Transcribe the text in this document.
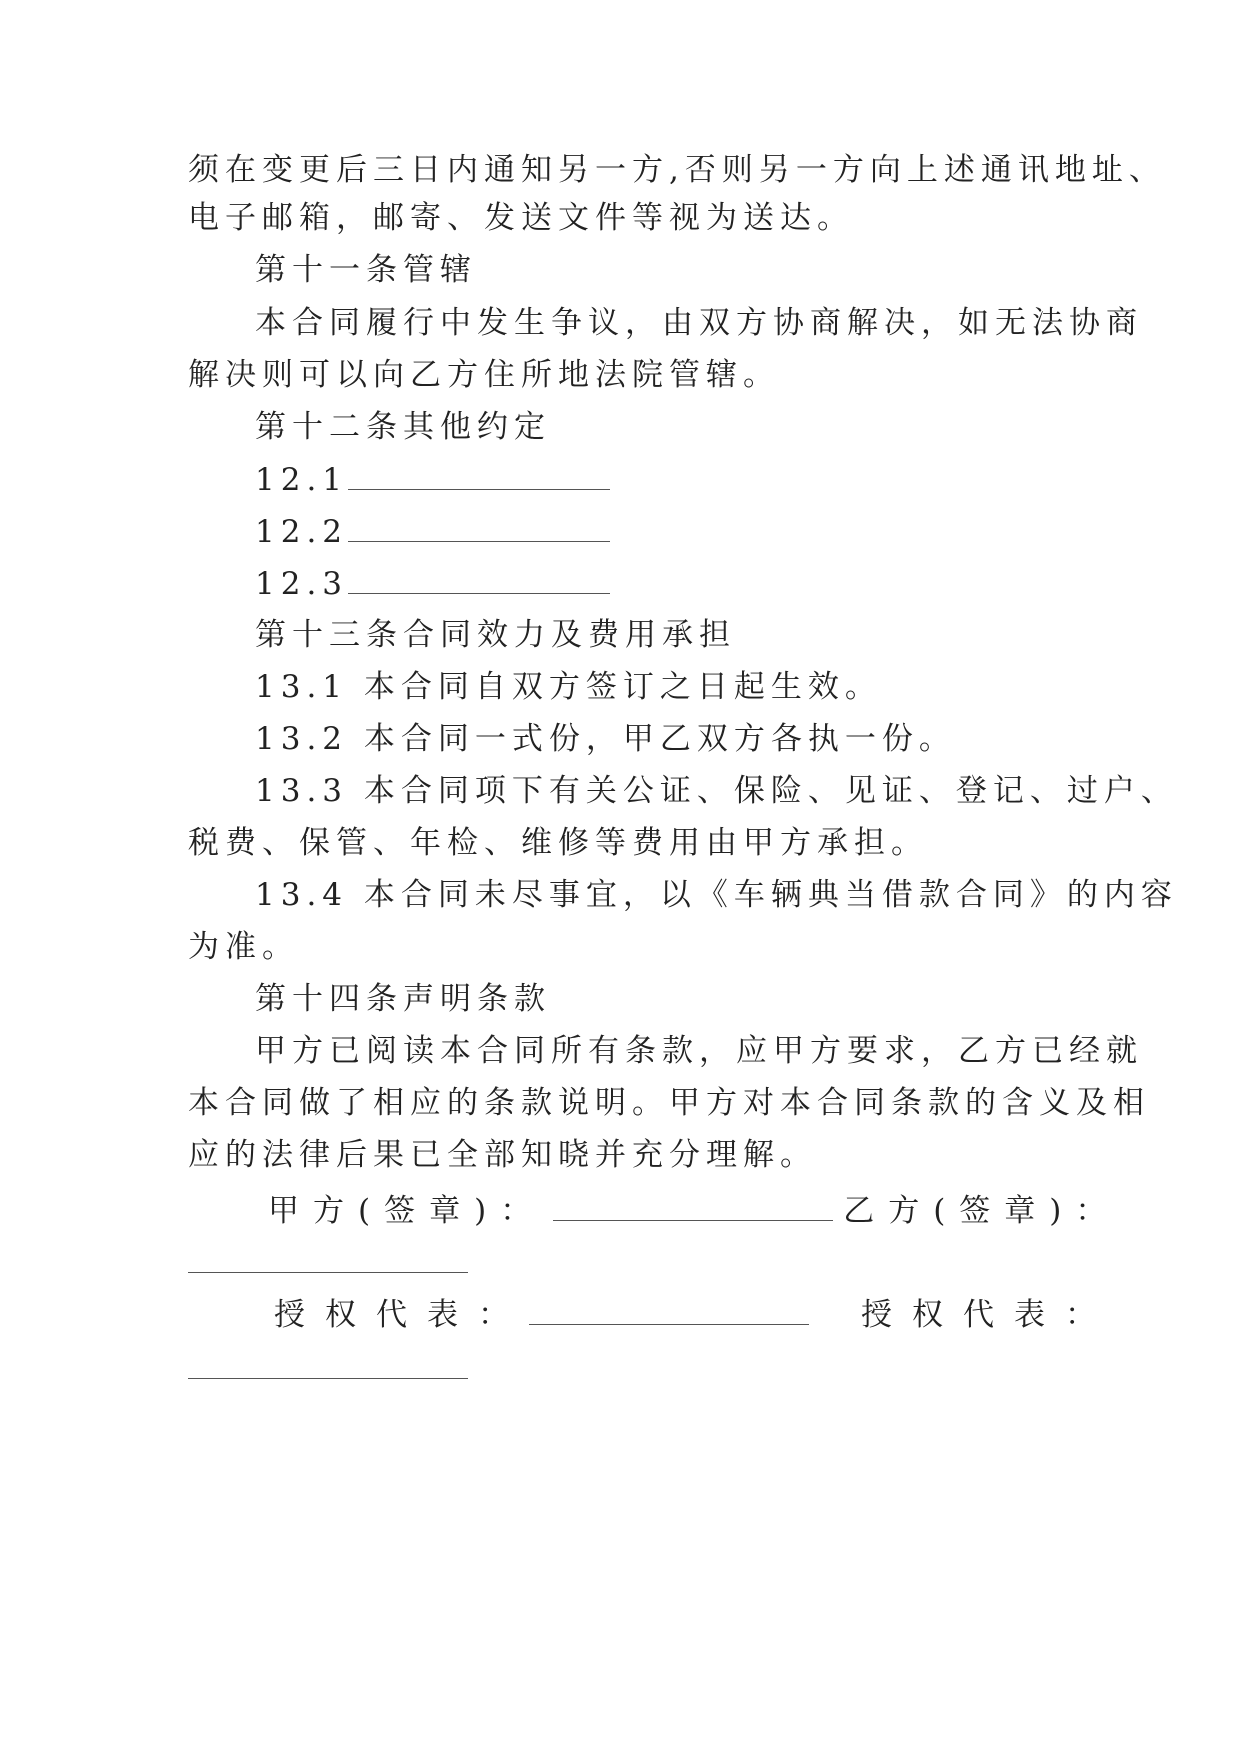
须在变更后三日内通知另一方,否则另一方向上述通讯地址、
电子邮箱，邮寄、发送文件等视为送达。
第十一条管辖
本合同履行中发生争议，由双方协商解决，如无法协商
解决则可以向乙方住所地法院管辖。
第十二条其他约定
12.1
12.2
12.3
第十三条合同效力及费用承担
13.1 本合同自双方签订之日起生效。
13.2 本合同一式份，甲乙双方各执一份。
13.3 本合同项下有关公证、保险、见证、登记、过户、
税费、保管、年检、维修等费用由甲方承担。
13.4 本合同未尽事宜，以《车辆典当借款合同》的内容
为准。
第十四条声明条款
甲方已阅读本合同所有条款，应甲方要求，乙方已经就
本合同做了相应的条款说明。甲方对本合同条款的含义及相
应的法律后果已全部知晓并充分理解。
甲方(签章)：	乙方(签章)：
授权代表：	授权代表：
